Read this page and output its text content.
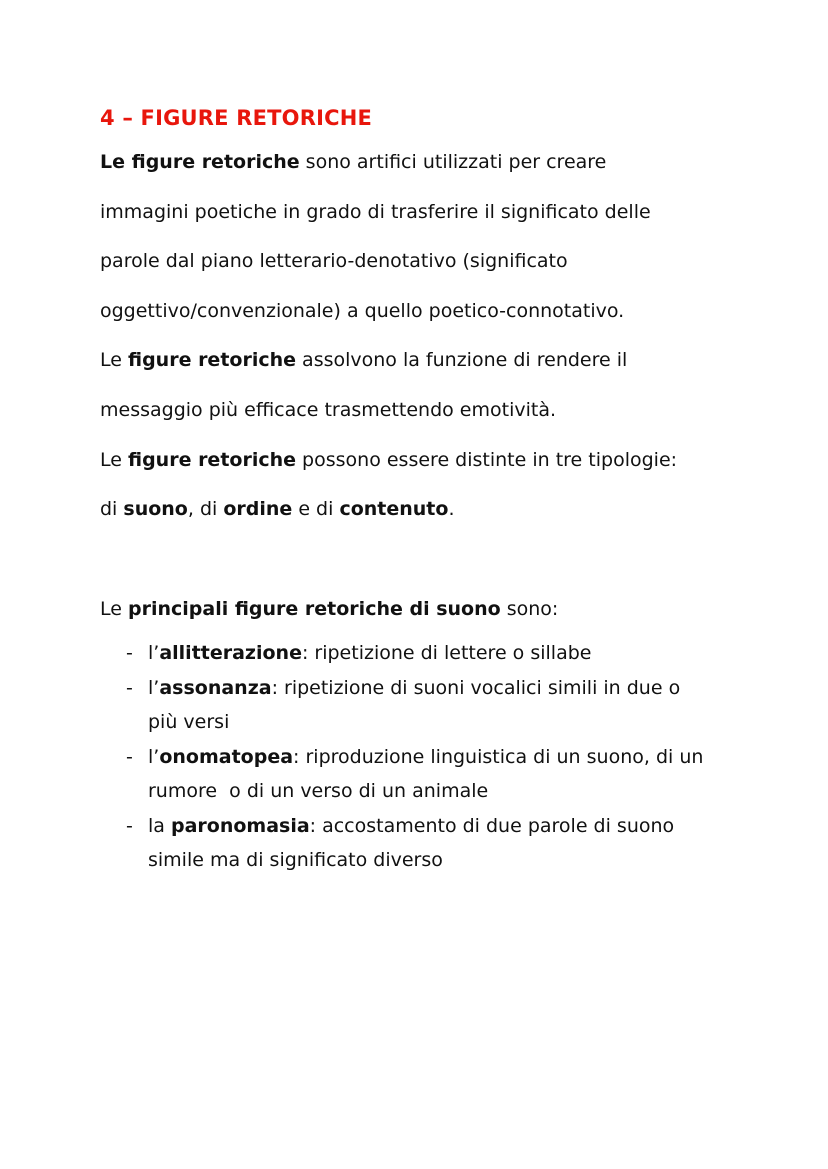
4 – FIGURE RETORICHE

Le figure retoriche sono artifici utilizzati per creare

immagini poetiche in grado di trasferire il significato delle

parole dal piano letterario-denotativo (significato

oggettivo/convenzionale) a quello poetico-connotativo.

Le figure retoriche assolvono la funzione di rendere il

messaggio più efficace trasmettendo emotività.

Le figure retoriche possono essere distinte in tre tipologie:

di suono, di ordine e di contenuto.

Le principali figure retoriche di suono sono:

- l’allitterazione: ripetizione di lettere o sillabe
- l’assonanza: ripetizione di suoni vocalici simili in due o
più versi
- l’onomatopea: riproduzione linguistica di un suono, di un
rumore  o di un verso di un animale
- la paronomasia: accostamento di due parole di suono
simile ma di significato diverso
